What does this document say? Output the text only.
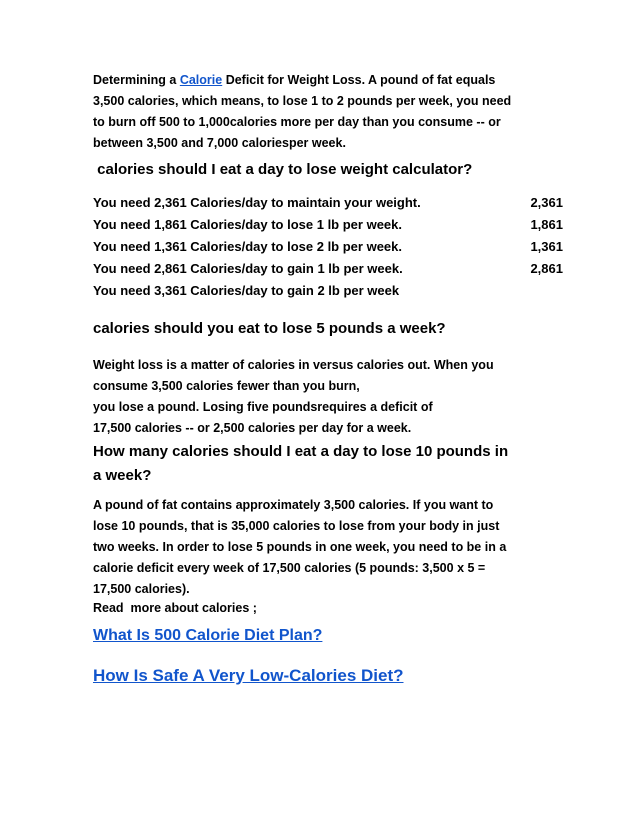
Determining a Calorie Deficit for Weight Loss. A pound of fat equals
3,500 calories, which means, to lose 1 to 2 pounds per week, you need
to burn off 500 to 1,000calories more per day than you consume -- or
between 3,500 and 7,000 caloriesper week.
calories should I eat a day to lose weight calculator?
You need 2,361 Calories/day to maintain your weight.	2,361
You need 1,861 Calories/day to lose 1 lb per week.	1,861
You need 1,361 Calories/day to lose 2 lb per week.	1,361
You need 2,861 Calories/day to gain 1 lb per week.	2,861
You need 3,361 Calories/day to gain 2 lb per week	
calories should you eat to lose 5 pounds a week?
Weight loss is a matter of calories in versus calories out. When you
consume 3,500 calories fewer than you burn,
you lose a pound. Losing five poundsrequires a deficit of
17,500 calories -- or 2,500 calories per day for a week.
How many calories should I eat a day to lose 10 pounds in
a week?
A pound of fat contains approximately 3,500 calories. If you want to
lose 10 pounds, that is 35,000 calories to lose from your body in just
two weeks. In order to lose 5 pounds in one week, you need to be in a
calorie deficit every week of 17,500 calories (5 pounds: 3,500 x 5 =
17,500 calories).
Read  more about calories ;
What Is 500 Calorie Diet Plan?
How Is Safe A Very Low-Calories Diet?
